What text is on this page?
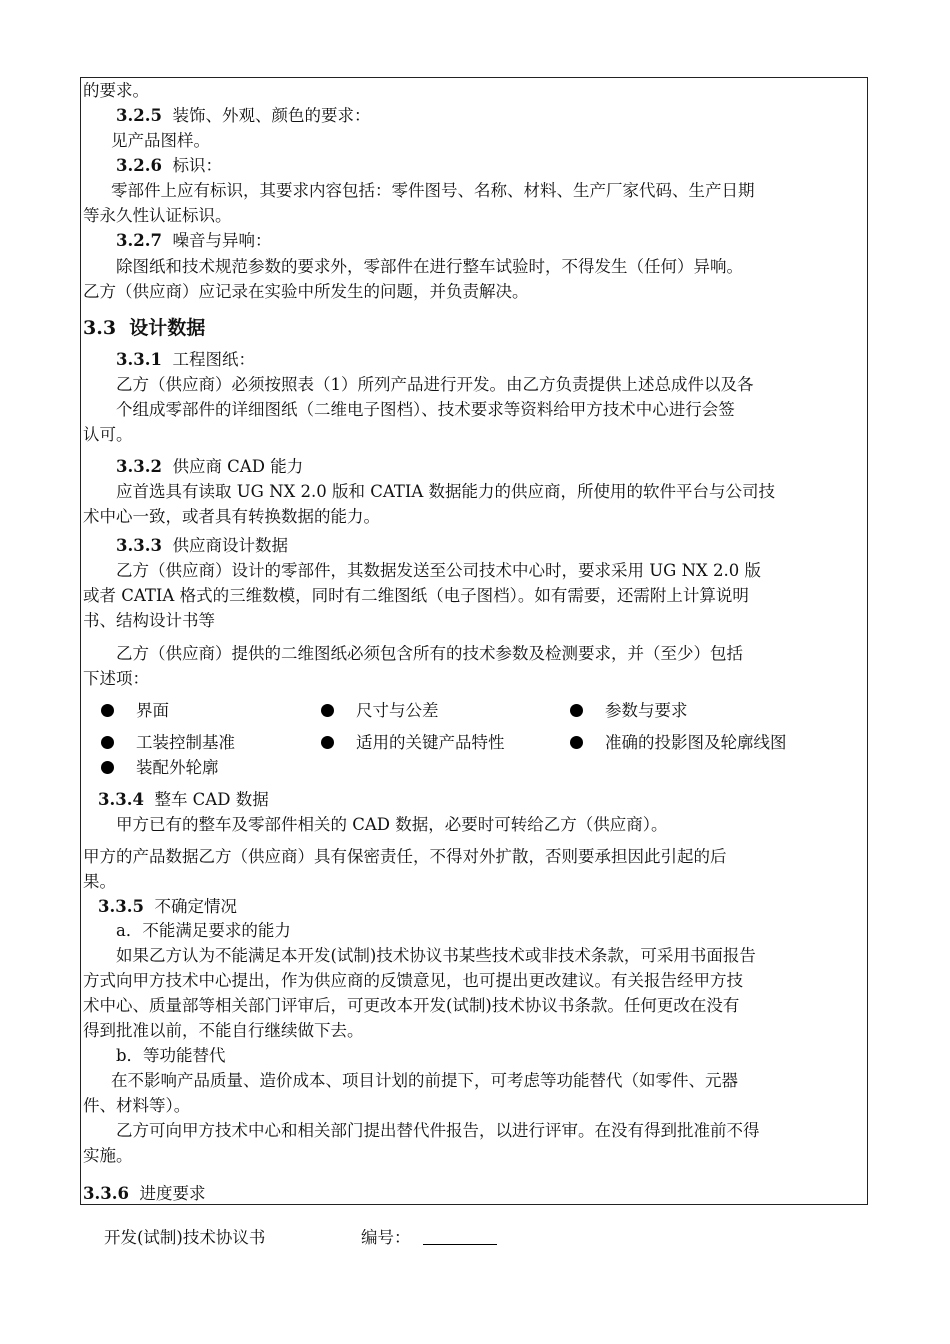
的要求。
3.2.5 装饰、外观、颜色的要求：
见产品图样。
3.2.6 标识：
零部件上应有标识，其要求内容包括：零件图号、名称、材料、生产厂家代码、生产日期
等永久性认证标识。
3.2.7 噪音与异响：
除图纸和技术规范参数的要求外，零部件在进行整车试验时，不得发生（任何）异响。
乙方（供应商）应记录在实验中所发生的问题，并负责解决。
3.3 设计数据
3.3.1 工程图纸：
乙方（供应商）必须按照表（1）所列产品进行开发。由乙方负责提供上述总成件以及各
个组成零部件的详细图纸（二维电子图档）、技术要求等资料给甲方技术中心进行会签
认可。
3.3.2 供应商 CAD 能力
应首选具有读取 UG NX 2.0 版和 CATIA 数据能力的供应商，所使用的软件平台与公司技
术中心一致，或者具有转换数据的能力。
3.3.3 供应商设计数据
乙方（供应商）设计的零部件，其数据发送至公司技术中心时，要求采用 UG NX 2.0 版
或者 CATIA 格式的三维数模，同时有二维图纸（电子图档）。如有需要，还需附上计算说明
书、结构设计书等
乙方（供应商）提供的二维图纸必须包含所有的技术参数及检测要求，并（至少）包括
下述项：
界面	尺寸与公差	参数与要求
工装控制基准	适用的关键产品特性	准确的投影图及轮廓线图
装配外轮廓
3.3.4 整车 CAD 数据
甲方已有的整车及零部件相关的 CAD 数据，必要时可转给乙方（供应商）。
甲方的产品数据乙方（供应商）具有保密责任，不得对外扩散，否则要承担因此引起的后
果。
3.3.5 不确定情况
a．不能满足要求的能力
如果乙方认为不能满足本开发(试制)技术协议书某些技术或非技术条款，可采用书面报告
方式向甲方技术中心提出，作为供应商的反馈意见，也可提出更改建议。有关报告经甲方技
术中心、质量部等相关部门评审后，可更改本开发(试制)技术协议书条款。任何更改在没有
得到批准以前，不能自行继续做下去。
b．等功能替代
在不影响产品质量、造价成本、项目计划的前提下，可考虑等功能替代（如零件、元器
件、材料等）。
乙方可向甲方技术中心和相关部门提出替代件报告，以进行评审。在没有得到批准前不得
实施。
3.3.6 进度要求
开发(试制)技术协议书	编号：
